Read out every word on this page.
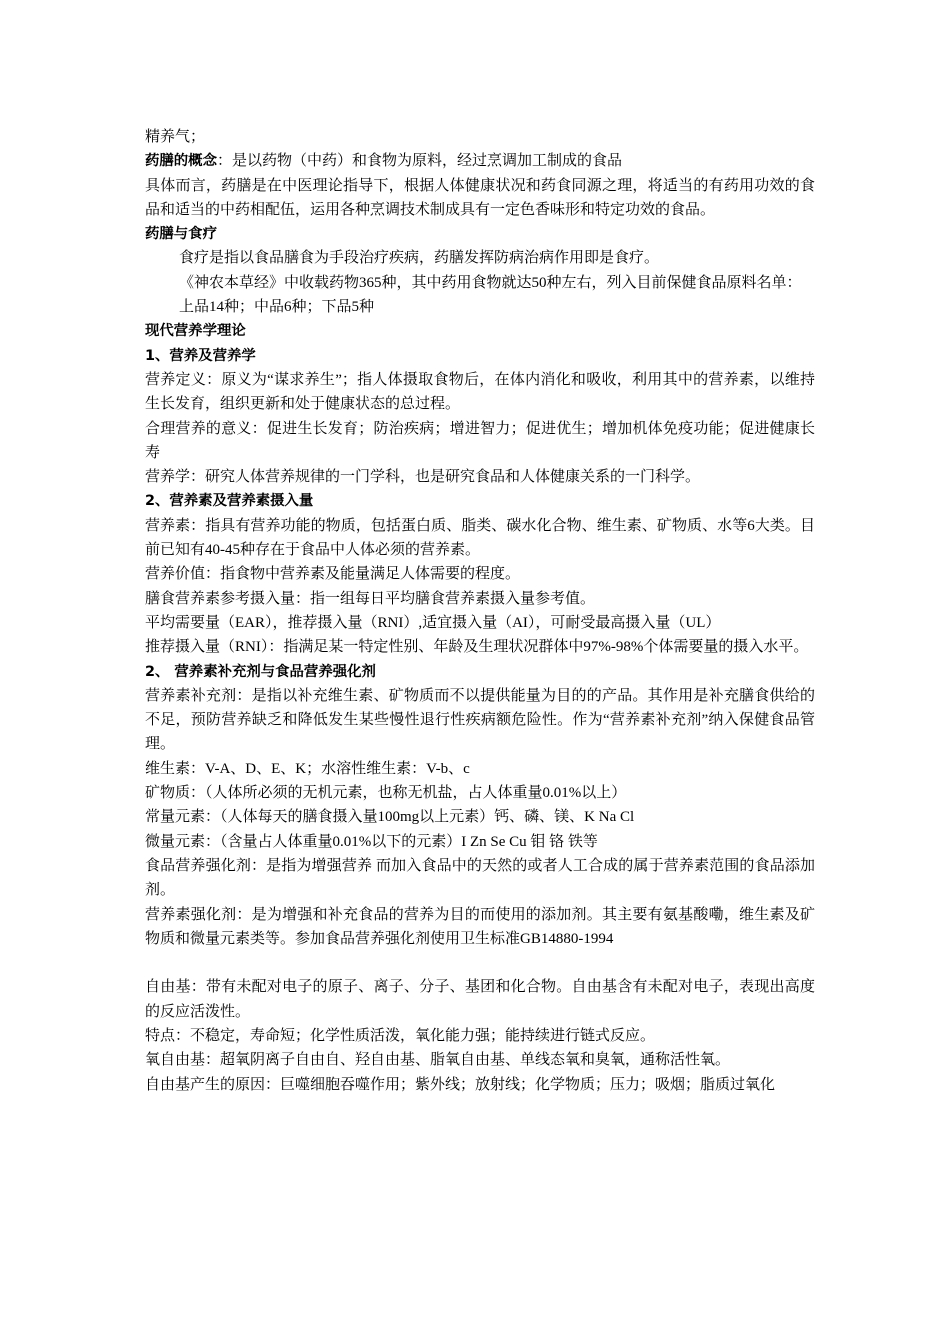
精养气；

药膳的概念：是以药物（中药）和食物为原料，经过烹调加工制成的食品

具体而言，药膳是在中医理论指导下，根据人体健康状况和药食同源之理，将适当的有药用功效的食品和适当的中药相配伍，运用各种烹调技术制成具有一定色香味形和特定功效的食品。

药膳与食疗

食疗是指以食品膳食为手段治疗疾病，药膳发挥防病治病作用即是食疗。

《神农本草经》中收载药物365种，其中药用食物就达50种左右，列入目前保健食品原料名单：

上品14种；中品6种；下品5种

现代营养学理论

1、营养及营养学

营养定义：原义为“谋求养生”；指人体摄取食物后，在体内消化和吸收，利用其中的营养素，以维持生长发育，组织更新和处于健康状态的总过程。

合理营养的意义：促进生长发育；防治疾病；增进智力；促进优生；增加机体免疫功能；促进健康长寿

营养学：研究人体营养规律的一门学科，也是研究食品和人体健康关系的一门科学。

2、营养素及营养素摄入量

营养素：指具有营养功能的物质，包括蛋白质、脂类、碳水化合物、维生素、矿物质、水等6大类。目前已知有40-45种存在于食品中人体必须的营养素。

营养价值：指食物中营养素及能量满足人体需要的程度。

膳食营养素参考摄入量：指一组每日平均膳食营养素摄入量参考值。

平均需要量（EAR），推荐摄入量（RNI）,适宜摄入量（AI），可耐受最高摄入量（UL）

推荐摄入量（RNI）：指满足某一特定性别、年龄及生理状况群体中97%-98%个体需要量的摄入水平。

2、 营养素补充剂与食品营养强化剂

营养素补充剂：是指以补充维生素、矿物质而不以提供能量为目的的产品。其作用是补充膳食供给的不足，预防营养缺乏和降低发生某些慢性退行性疾病额危险性。作为“营养素补充剂”纳入保健食品管理。

维生素：V-A、D、E、K；水溶性维生素：V-b、c

矿物质：（人体所必须的无机元素，也称无机盐，占人体重量0.01%以上）

常量元素：（人体每天的膳食摄入量100mg以上元素）钙、磷、镁、K Na Cl

微量元素：（含量占人体重量0.01%以下的元素）I Zn Se Cu 钼 铬 铁等

食品营养强化剂：是指为增强营养 而加入食品中的天然的或者人工合成的属于营养素范围的食品添加剂。

营养素强化剂：是为增强和补充食品的营养为目的而使用的添加剂。其主要有氨基酸嘞，维生素及矿物质和微量元素类等。参加食品营养强化剂使用卫生标准GB14880-1994

自由基：带有未配对电子的原子、离子、分子、基团和化合物。自由基含有未配对电子，表现出高度的反应活泼性。

特点：不稳定，寿命短；化学性质活泼，氧化能力强；能持续进行链式反应。

氧自由基：超氧阴离子自由自、羟自由基、脂氧自由基、单线态氧和臭氧，通称活性氧。

自由基产生的原因：巨噬细胞吞噬作用；紫外线；放射线；化学物质；压力；吸烟；脂质过氧化
